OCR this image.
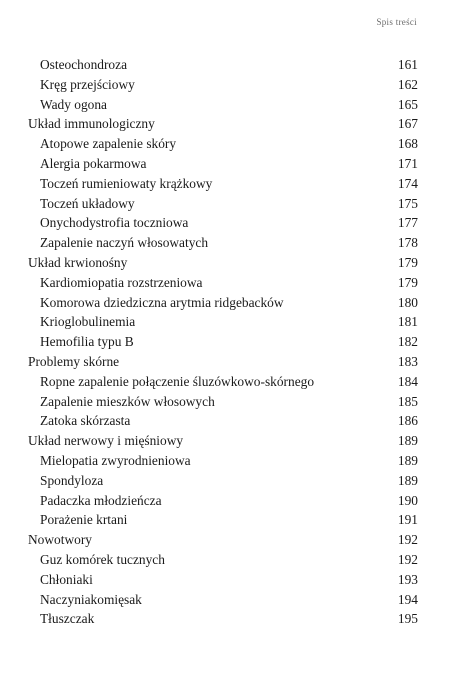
Spis treści
Osteochondroza	161
Kręg przejściowy	162
Wady ogona	165
Układ immunologiczny	167
Atopowe zapalenie skóry	168
Alergia pokarmowa	171
Toczeń rumieniowaty krążkowy	174
Toczeń układowy	175
Onychodystrofia toczniowa	177
Zapalenie naczyń włosowatych	178
Układ krwionośny	179
Kardiomiopatia rozstrzeniowa	179
Komorowa dziedziczna arytmia ridgebacków	180
Krioglobulinemia	181
Hemofilia typu B	182
Problemy skórne	183
Ropne zapalenie połączenie śluzówkowo-skórnego	184
Zapalenie mieszków włosowych	185
Zatoka skórzasta	186
Układ nerwowy i mięśniowy	189
Mielopatia zwyrodnieniowa	189
Spondyloza	189
Padaczka młodzieńcza	190
Porażenie krtani	191
Nowotwory	192
Guz komórek tucznych	192
Chłoniaki	193
Naczyniakomięsak	194
Tłuszczak	195
